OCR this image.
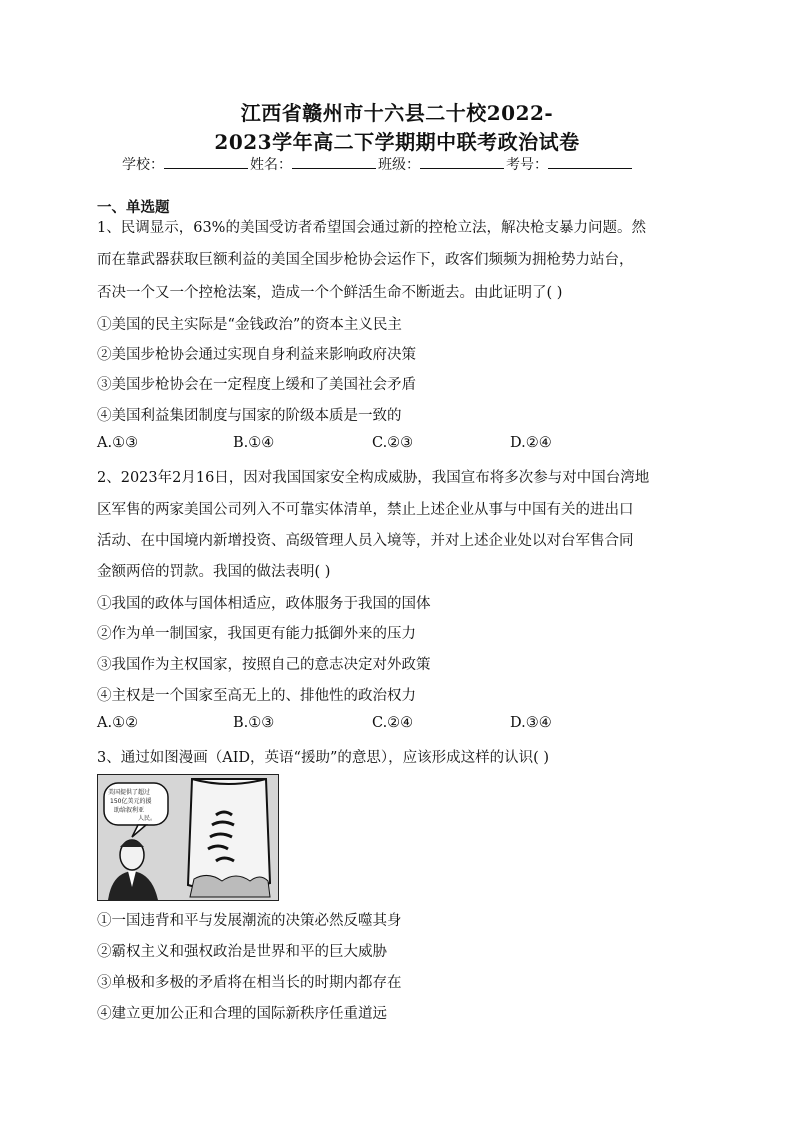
江西省赣州市十六县二十校2022-
2023学年高二下学期期中联考政治试卷
学校：	姓名：	班级：	考号：
一、单选题
1、民调显示，63%的美国受访者希望国会通过新的控枪立法，解决枪支暴力问题。然
而在靠武器获取巨额利益的美国全国步枪协会运作下，政客们频频为拥枪势力站台，
否决一个又一个控枪法案，造成一个个鲜活生命不断逝去。由此证明了( )
①美国的民主实际是“金钱政治”的资本主义民主
②美国步枪协会通过实现自身利益来影响政府决策
③美国步枪协会在一定程度上缓和了美国社会矛盾
④美国利益集团制度与国家的阶级本质是一致的
A.①③	B.①④	C.②③	D.②④
2、2023年2月16日，因对我国国家安全构成威胁，我国宣布将多次参与对中国台湾地
区军售的两家美国公司列入不可靠实体清单，禁止上述企业从事与中国有关的进出口
活动、在中国境内新增投资、高级管理人员入境等，并对上述企业处以对台军售合同
金额两倍的罚款。我国的做法表明( )
①我国的政体与国体相适应，政体服务于我国的国体
②作为单一制国家，我国更有能力抵御外来的压力
③我国作为主权国家，按照自己的意志决定对外政策
④主权是一个国家至高无上的、排他性的政治权力
A.①②	B.①③	C.②④	D.③④
3、通过如图漫画（AID，英语“援助”的意思），应该形成这样的认识( )
美国提供了超过
150亿美元的援
助给叙利亚
人民。
①一国违背和平与发展潮流的决策必然反噬其身
②霸权主义和强权政治是世界和平的巨大威胁
③单极和多极的矛盾将在相当长的时期内都存在
④建立更加公正和合理的国际新秩序任重道远
